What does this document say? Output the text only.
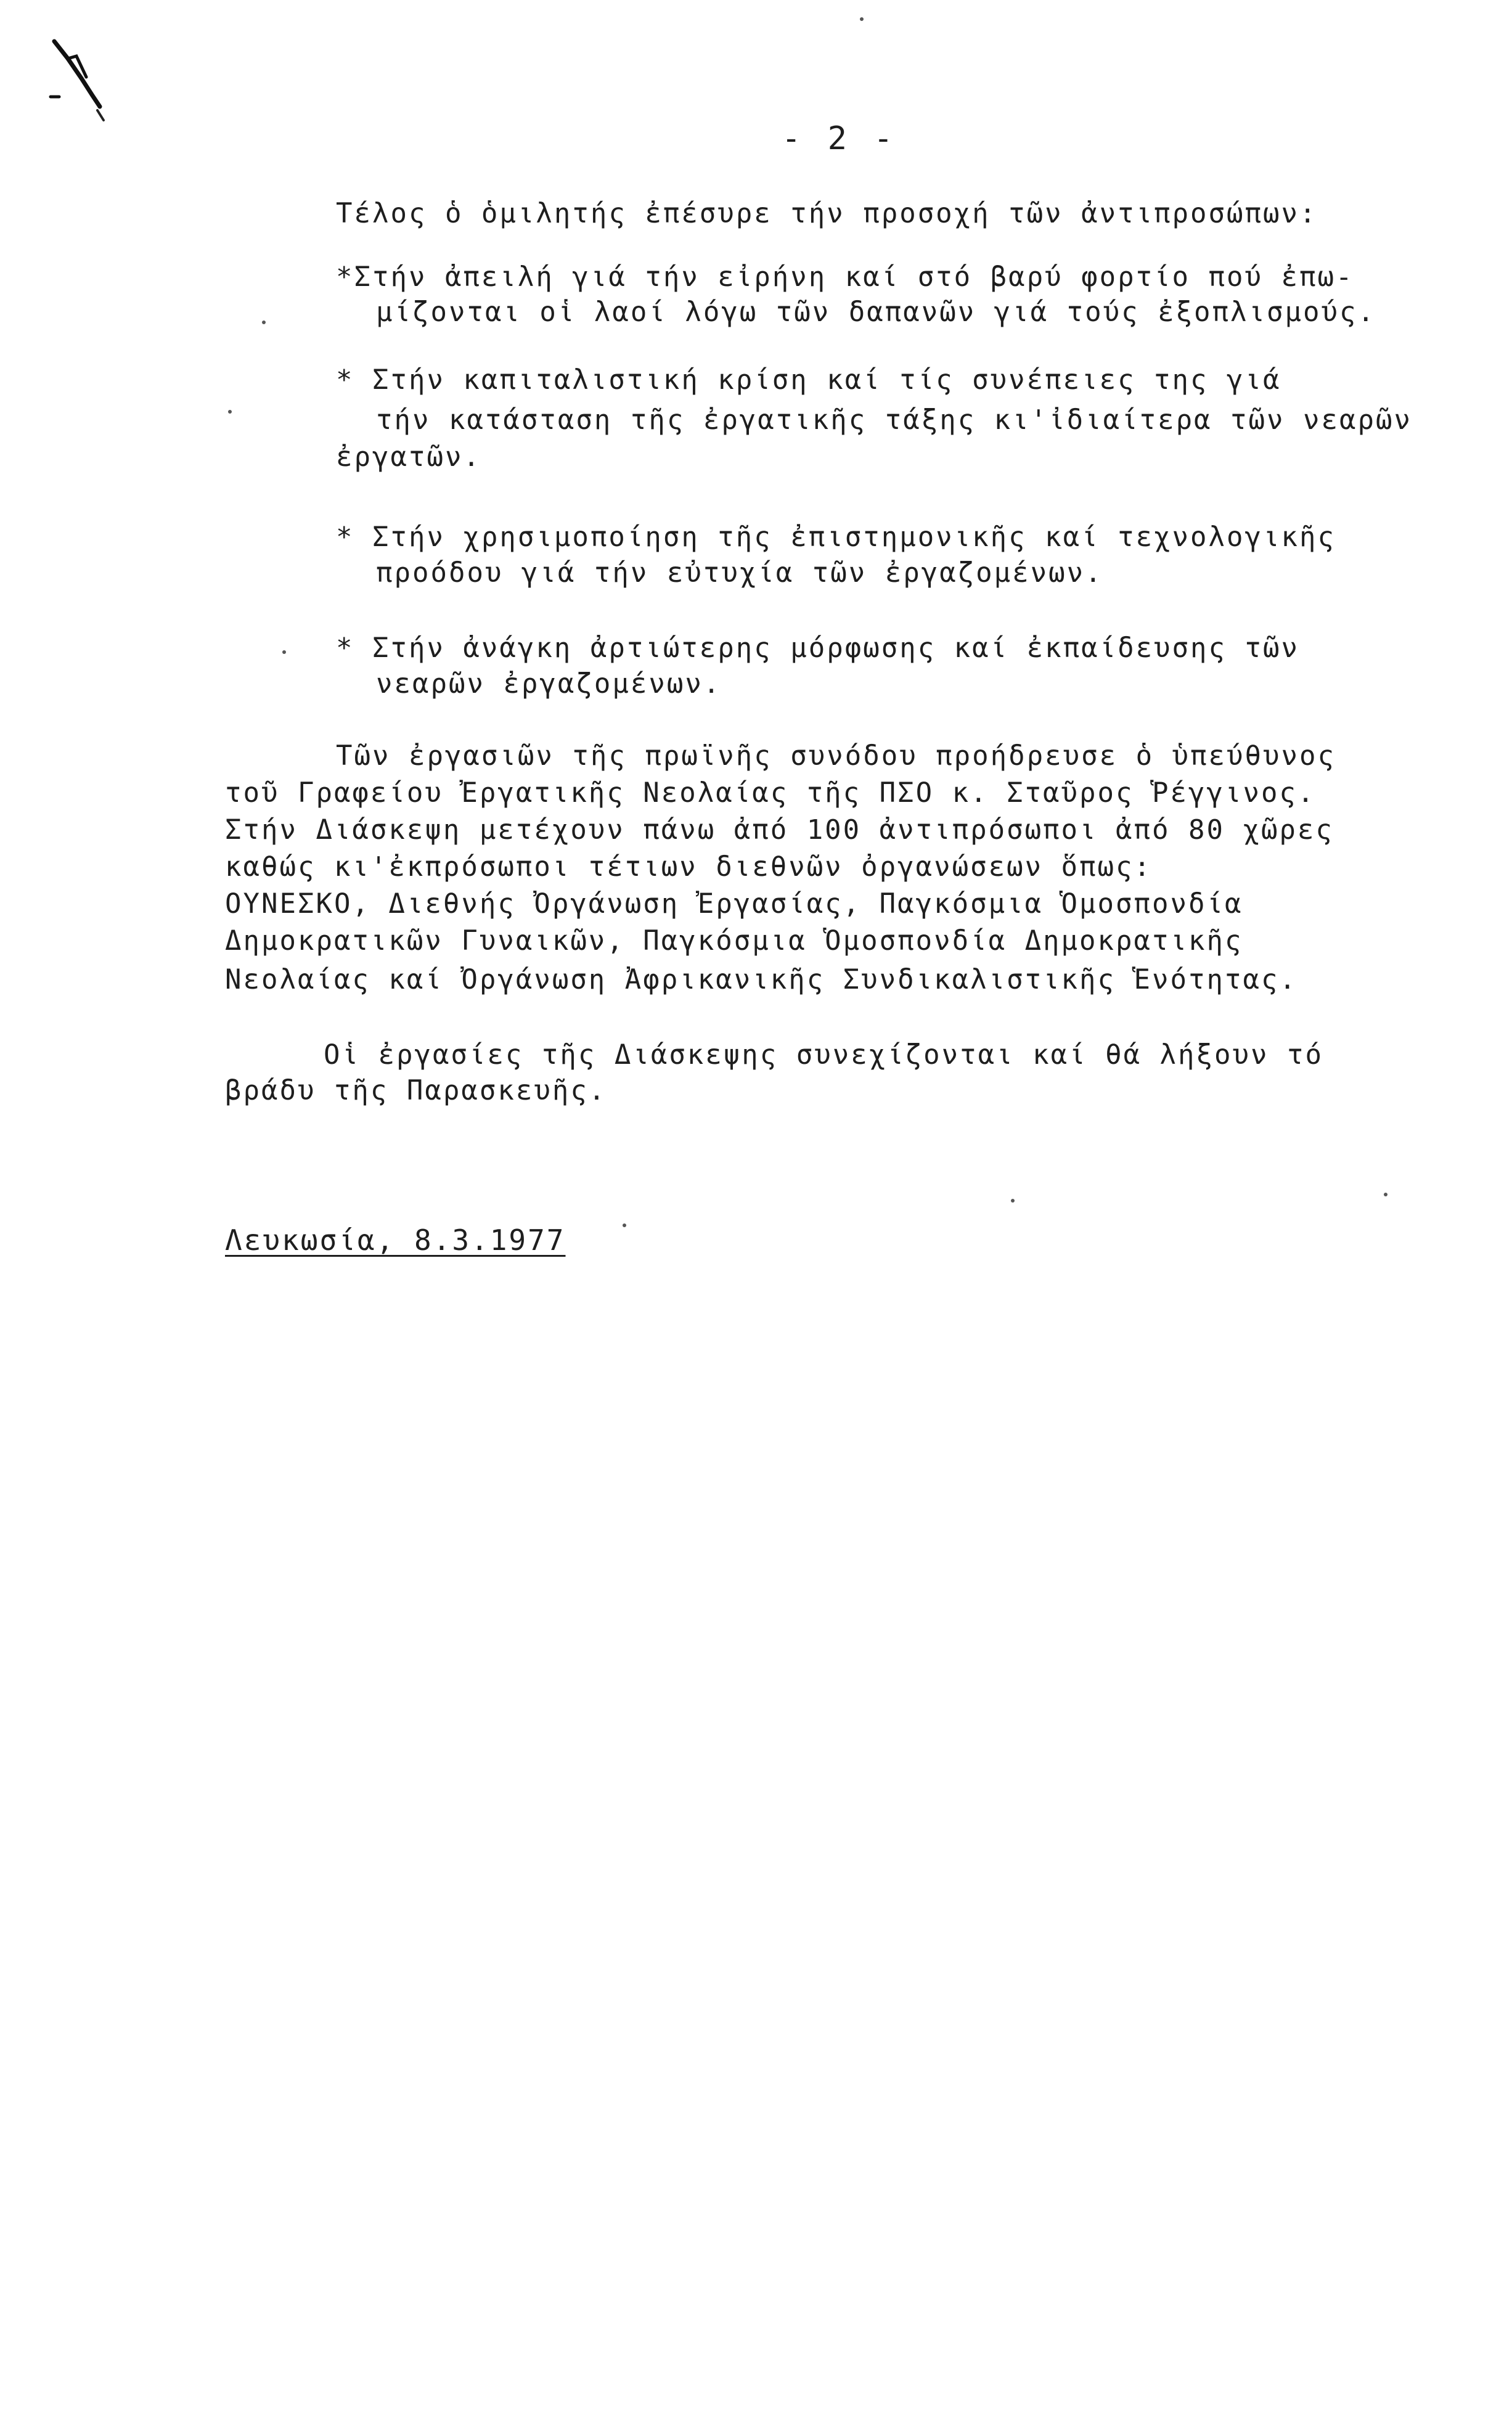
- 2 -
Τέλος ὁ ὁμιλητής ἐπέσυρε τήν προσοχή τῶν ἀντιπροσώπων:
*Στήν ἀπειλή γιά τήν εἰρήνη καί στό βαρύ φορτίο πού ἐπω-
μίζονται οἱ λαοί λόγω τῶν δαπανῶν γιά τούς ἐξοπλισμούς.
* Στήν καπιταλιστική κρίση καί τίς συνέπειες της γιά
τήν κατάσταση τῆς ἐργατικῆς τάξης κι'ἰδιαίτερα τῶν νεαρῶν
ἐργατῶν.
* Στήν χρησιμοποίηση τῆς ἐπιστημονικῆς καί τεχνολογικῆς
προόδου γιά τήν εὐτυχία τῶν ἐργαζομένων.
* Στήν ἀνάγκη ἀρτιώτερης μόρφωσης καί ἐκπαίδευσης τῶν
νεαρῶν ἐργαζομένων.
Τῶν ἐργασιῶν τῆς πρωϊνῆς συνόδου προήδρευσε ὁ ὑπεύθυνος
τοῦ Γραφείου Ἐργατικῆς Νεολαίας τῆς ΠΣΟ κ. Σταῦρος Ῥέγγινος.
Στήν Διάσκεψη μετέχουν πάνω ἀπό 100 ἀντιπρόσωποι ἀπό 80 χῶρες
καθώς κι'ἐκπρόσωποι τέτιων διεθνῶν ὀργανώσεων ὅπως:
ΟΥΝΕΣΚΟ, Διεθνής Ὀργάνωση Ἐργασίας, Παγκόσμια Ὁμοσπονδία
Δημοκρατικῶν Γυναικῶν, Παγκόσμια Ὁμοσπονδία Δημοκρατικῆς
Νεολαίας καί Ὀργάνωση Ἀφρικανικῆς Συνδικαλιστικῆς Ἑνότητας.
Οἱ ἐργασίες τῆς Διάσκεψης συνεχίζονται καί θά λήξουν τό
βράδυ τῆς Παρασκευῆς.
Λευκωσία, 8.3.1977
